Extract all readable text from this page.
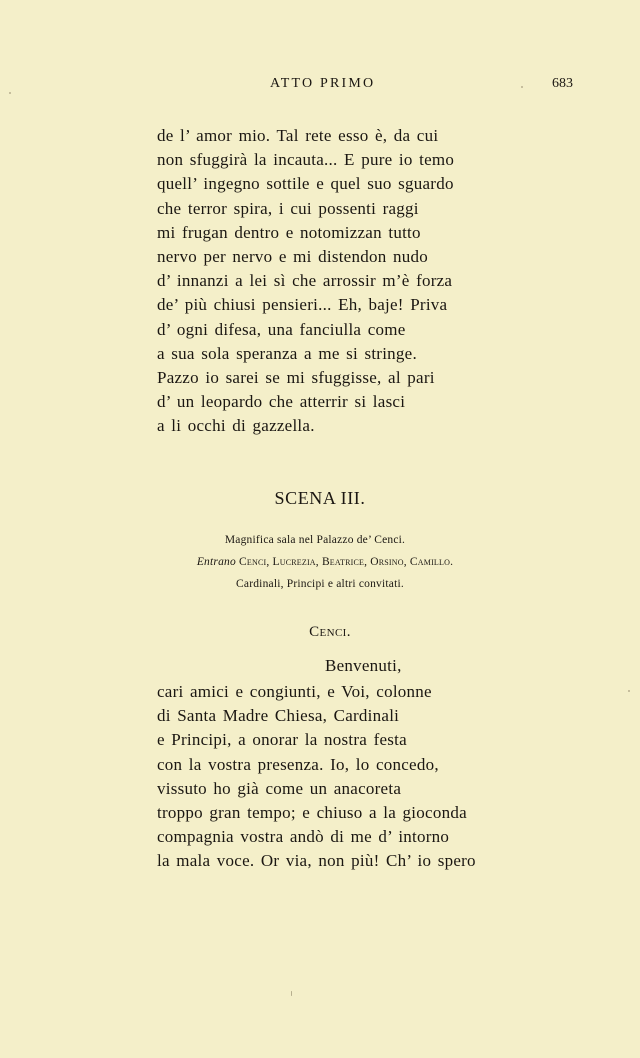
ATTO PRIMO	683
de l’ amor mio. Tal rete esso è, da cui
non sfuggirà la incauta... E pure io temo
quell’ ingegno sottile e quel suo sguardo
che terror spira, i cui possenti raggi
mi frugan dentro e notomizzan tutto
nervo per nervo e mi distendon nudo
d’ innanzi a lei sì che arrossir m’è forza
de’ più chiusi pensieri... Eh, baje! Priva
d’ ogni difesa, una fanciulla come
a sua sola speranza a me si stringe.
Pazzo io sarei se mi sfuggisse, al pari
d’ un leopardo che atterrir si lasci
a li occhi di gazzella.
SCENA III.
Magnifica sala nel Palazzo de’ Cenci.
Entrano Cenci, Lucrezia, Beatrice, Orsino, Camillo.
Cardinali, Principi e altri convitati.
Cenci.
Benvenuti,
cari amici e congiunti, e Voi, colonne
di Santa Madre Chiesa, Cardinali
e Principi, a onorar la nostra festa
con la vostra presenza. Io, lo concedo,
vissuto ho già come un anacoreta
troppo gran tempo; e chiuso a la gioconda
compagnia vostra andò di me d’ intorno
la mala voce. Or via, non più! Ch’ io spero
